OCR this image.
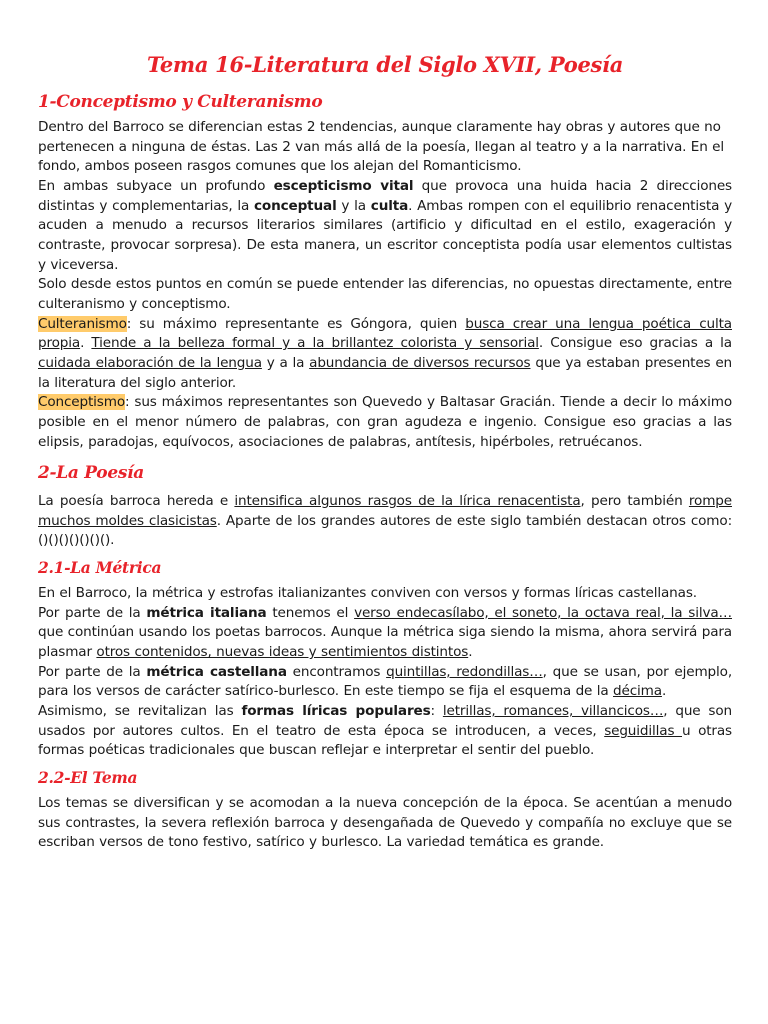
Tema 16-Literatura del Siglo XVII, Poesía
1-Conceptismo y Culteranismo

Dentro del Barroco se diferencian estas 2 tendencias, aunque claramente hay obras y autores que no pertenecen a ninguna de éstas. Las 2 van más allá de la poesía, llegan al teatro y a la narrativa. En el fondo, ambos poseen rasgos comunes que los alejan del Romanticismo.

En ambas subyace un profundo escepticismo vital que provoca una huida hacia 2 direcciones distintas y complementarias, la conceptual y la culta. Ambas rompen con el equilibrio renacentista y acuden a menudo a recursos literarios similares (artificio y dificultad en el estilo, exageración y contraste, provocar sorpresa). De esta manera, un escritor conceptista podía usar elementos cultistas y viceversa.

Solo desde estos puntos en común se puede entender las diferencias, no opuestas directamente, entre culteranismo y conceptismo.

Culteranismo: su máximo representante es Góngora, quien busca crear una lengua poética culta propia. Tiende a la belleza formal y a la brillantez colorista y sensorial. Consigue eso gracias a la cuidada elaboración de la lengua y a la abundancia de diversos recursos que ya estaban presentes en la literatura del siglo anterior.

Conceptismo: sus máximos representantes son Quevedo y Baltasar Gracián. Tiende a decir lo máximo posible en el menor número de palabras, con gran agudeza e ingenio. Consigue eso gracias a las elipsis, paradojas, equívocos, asociaciones de palabras, antítesis, hipérboles, retruécanos.

2-La Poesía

La poesía barroca hereda e intensifica algunos rasgos de la lírica renacentista, pero también rompe muchos moldes clasicistas. Aparte de los grandes autores de este siglo también destacan otros como: ()()()()()()().

2.1-La Métrica

En el Barroco, la métrica y estrofas italianizantes conviven con versos y formas líricas castellanas.

Por parte de la métrica italiana tenemos el verso endecasílabo, el soneto, la octava real, la silva… que continúan usando los poetas barrocos. Aunque la métrica siga siendo la misma, ahora servirá para plasmar otros contenidos, nuevas ideas y sentimientos distintos.

Por parte de la métrica castellana encontramos quintillas, redondillas…, que se usan, por ejemplo, para los versos de carácter satírico-burlesco. En este tiempo se fija el esquema de la décima.

Asimismo, se revitalizan las formas líricas populares: letrillas, romances, villancicos…, que son usados por autores cultos. En el teatro de esta época se introducen, a veces, seguidillas u otras formas poéticas tradicionales que buscan reflejar e interpretar el sentir del pueblo.

2.2-El Tema

Los temas se diversifican y se acomodan a la nueva concepción de la época. Se acentúan a menudo sus contrastes, la severa reflexión barroca y desengañada de Quevedo y compañía no excluye que se escriban versos de tono festivo, satírico y burlesco. La variedad temática es grande.
